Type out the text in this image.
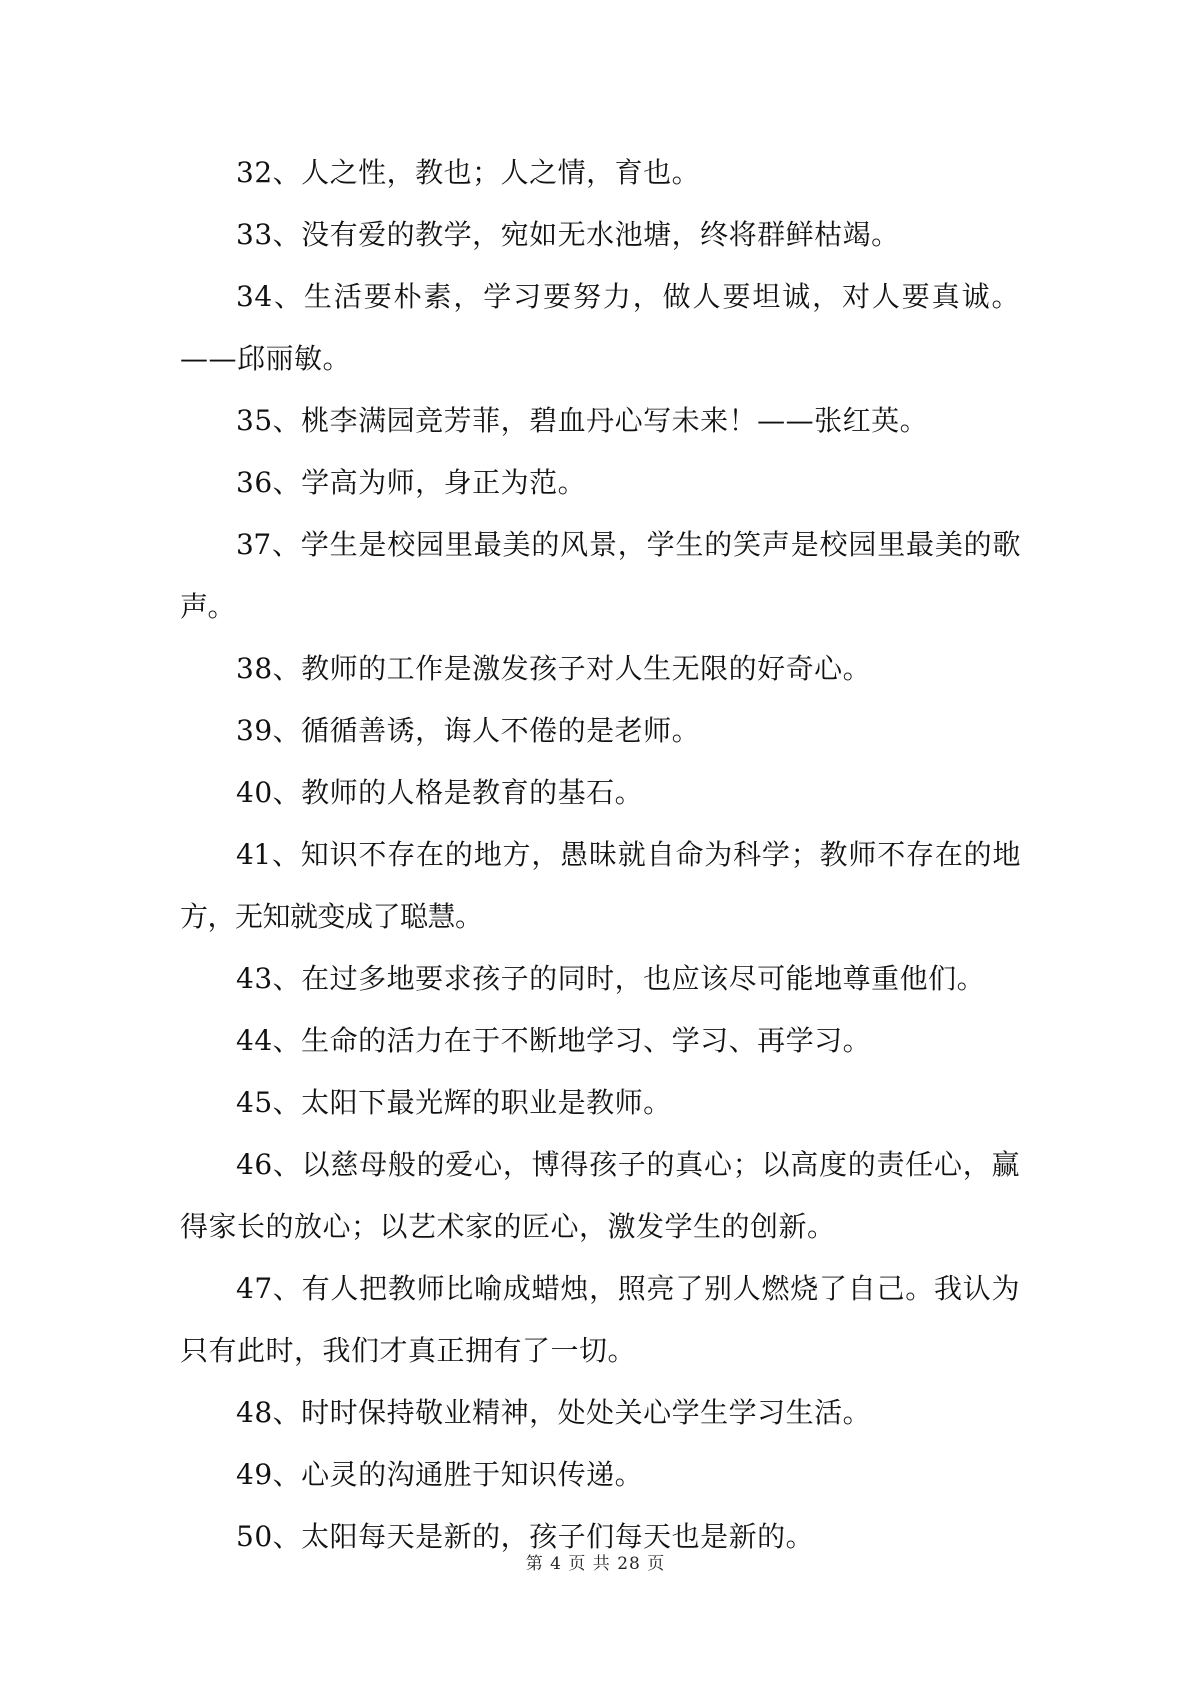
32、人之性，教也；人之情，育也。

33、没有爱的教学，宛如无水池塘，终将群鲜枯竭。

34、生活要朴素，学习要努力，做人要坦诚，对人要真诚。——邱丽敏。

35、桃李满园竞芳菲，碧血丹心写未来！——张红英。

36、学高为师，身正为范。

37、学生是校园里最美的风景，学生的笑声是校园里最美的歌声。

38、教师的工作是激发孩子对人生无限的好奇心。

39、循循善诱，诲人不倦的是老师。

40、教师的人格是教育的基石。

41、知识不存在的地方，愚昧就自命为科学；教师不存在的地方，无知就变成了聪慧。

43、在过多地要求孩子的同时，也应该尽可能地尊重他们。

44、生命的活力在于不断地学习、学习、再学习。

45、太阳下最光辉的职业是教师。

46、以慈母般的爱心，博得孩子的真心；以高度的责任心，赢得家长的放心；以艺术家的匠心，激发学生的创新。

47、有人把教师比喻成蜡烛，照亮了别人燃烧了自己。我认为只有此时，我们才真正拥有了一切。

48、时时保持敬业精神，处处关心学生学习生活。

49、心灵的沟通胜于知识传递。

50、太阳每天是新的，孩子们每天也是新的。

第 4 页 共 28 页
